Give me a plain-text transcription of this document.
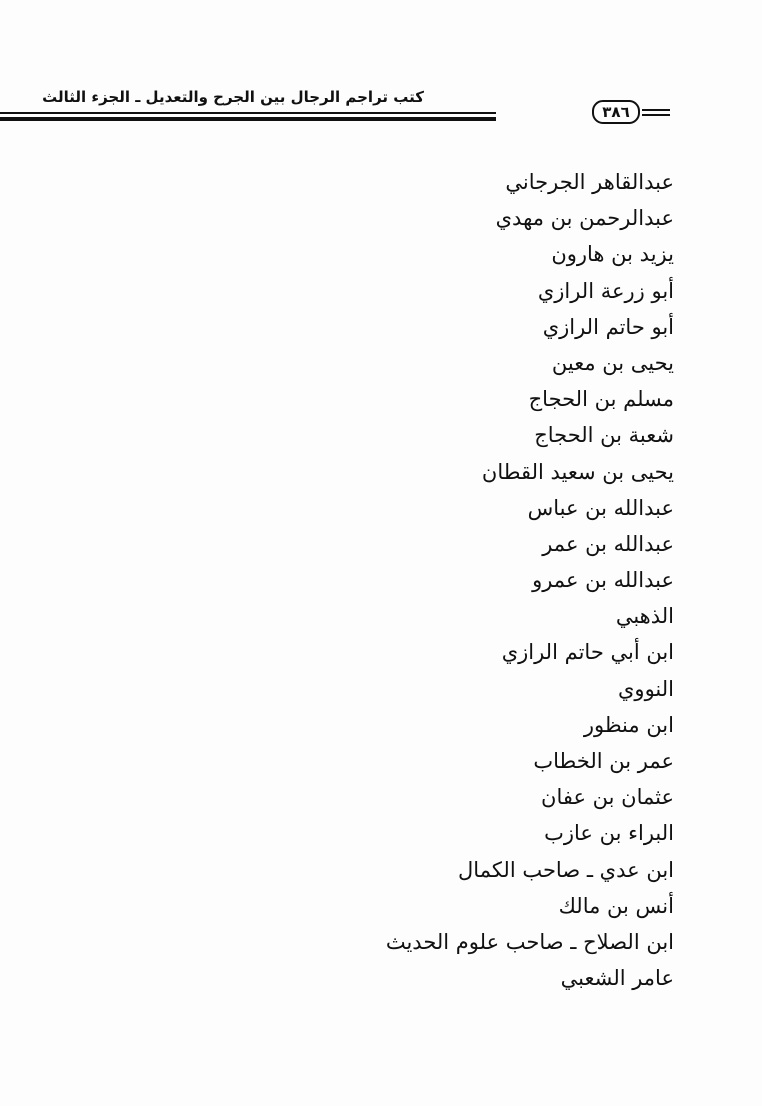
كتب تراجم الرجال بين الجرح والتعديل ـ الجزء الثالث
٣٨٦
عبدالقاهر الجرجاني
عبدالرحمن بن مهدي
يزيد بن هارون
أبو زرعة الرازي
أبو حاتم الرازي
يحيى بن معين
مسلم بن الحجاج
شعبة بن الحجاج
يحيى بن سعيد القطان
عبدالله بن عباس
عبدالله بن عمر
عبدالله بن عمرو
الذهبي
ابن أبي حاتم الرازي
النووي
ابن منظور
عمر بن الخطاب
عثمان بن عفان
البراء بن عازب
ابن عدي ـ صاحب الكمال
أنس بن مالك
ابن الصلاح ـ صاحب علوم الحديث
عامر الشعبي
